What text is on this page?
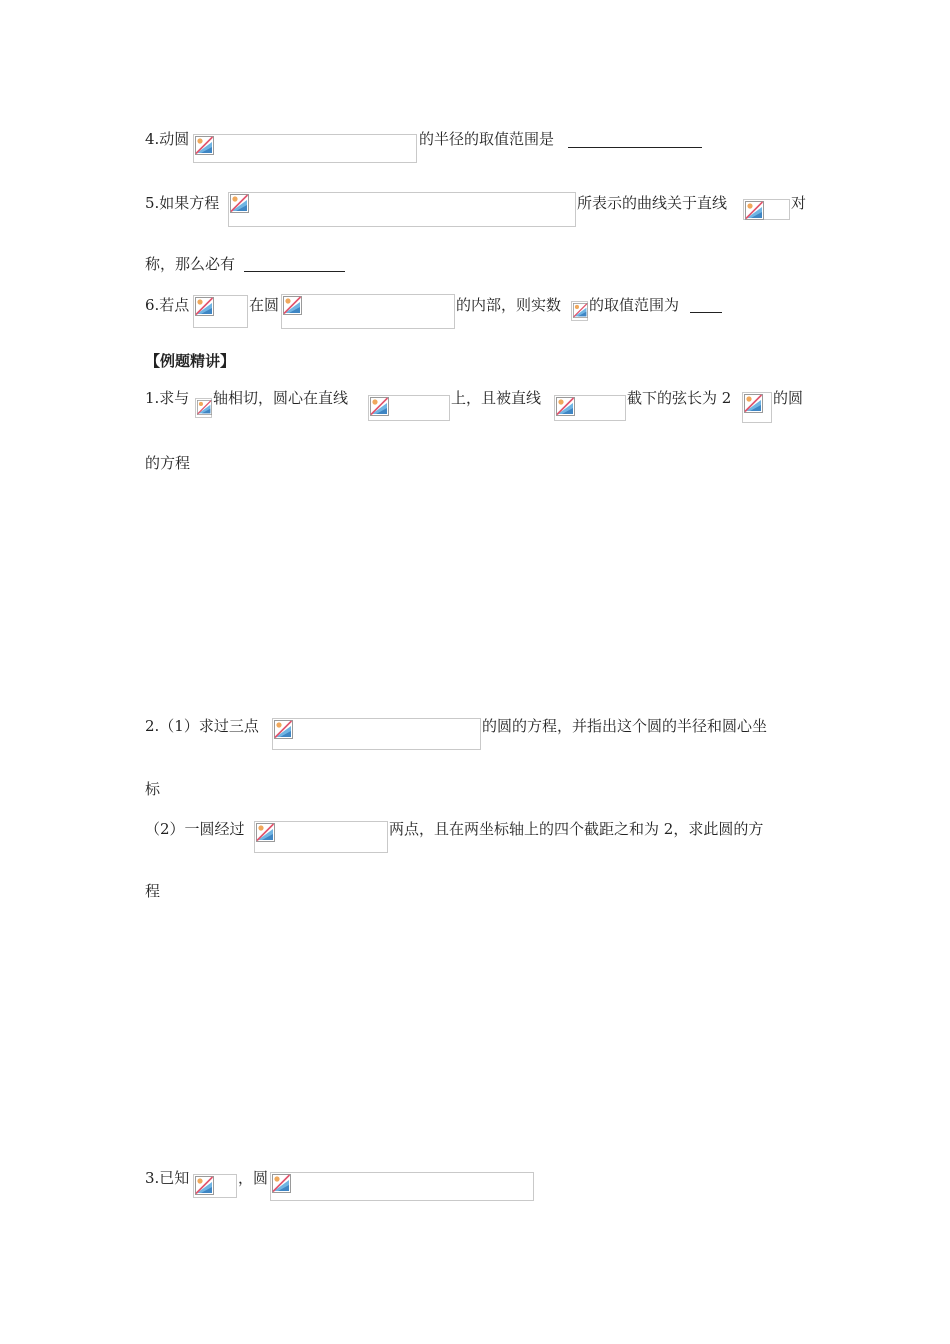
4.动圆	的半径的取值范围是
5.如果方程	所表示的曲线关于直线	对
称，那么必有
6.若点	在圆	的内部，则实数 的取值范围为
【例题精讲】
1.求与 轴相切，圆心在直线	上，且被直线	截下的弦长为 2	的圆
的方程
2.（1）求过三点	的圆的方程，并指出这个圆的半径和圆心坐
标
（2）一圆经过	两点，且在两坐标轴上的四个截距之和为 2，求此圆的方
程
3.已知	，圆
